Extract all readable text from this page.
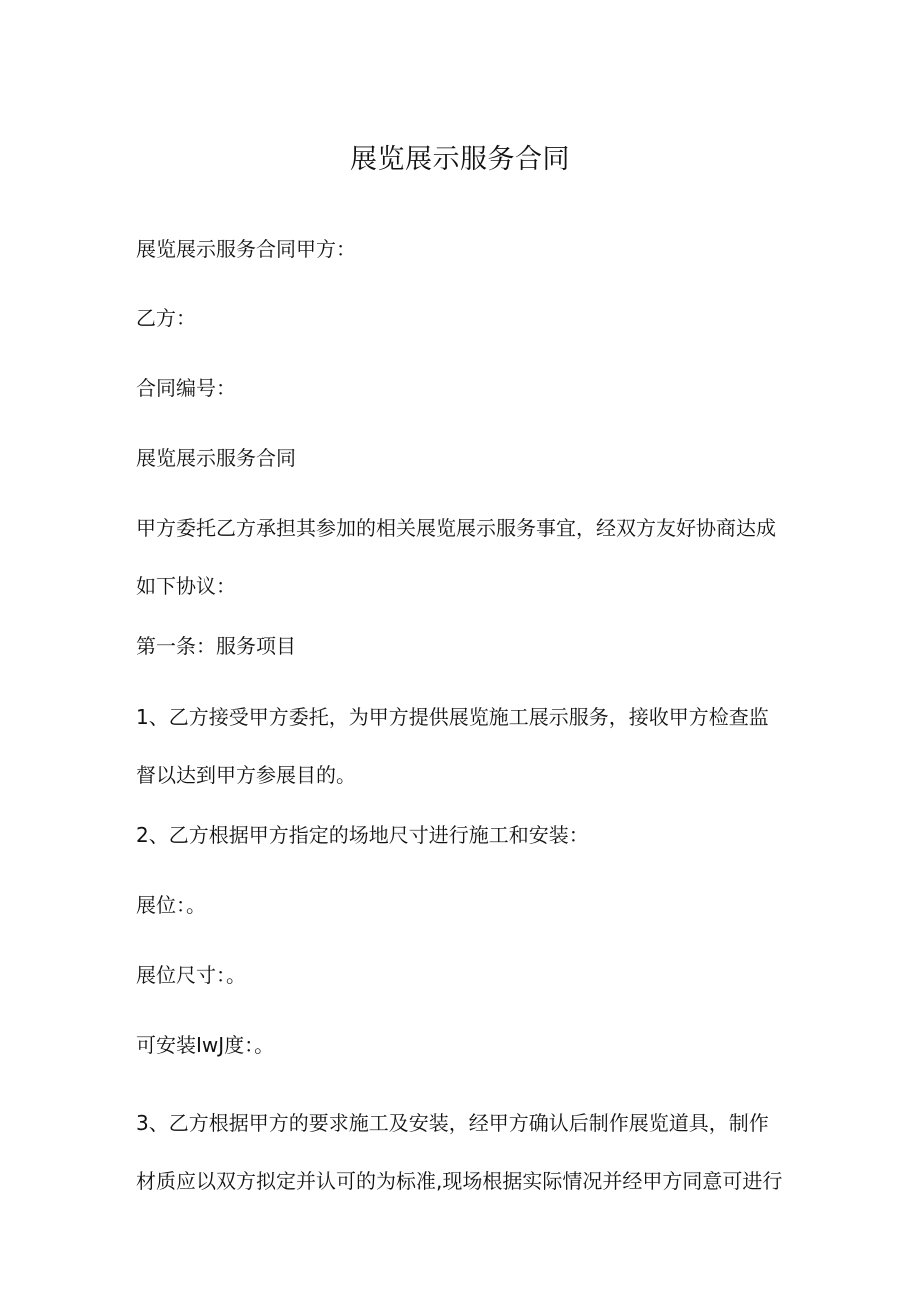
展览展示服务合同

展览展示服务合同甲方：

乙方：

合同编号：

展览展示服务合同

甲方委托乙方承担其参加的相关展览展示服务事宜，经双方友好协商达成
如下协议：

第一条：服务项目

1、乙方接受甲方委托，为甲方提供展览施工展示服务，接收甲方检查监
督以达到甲方参展目的。

2、乙方根据甲方指定的场地尺寸进行施工和安装：

展位：。

展位尺寸：。

可安装IwJ度：。

3、乙方根据甲方的要求施工及安装，经甲方确认后制作展览道具，制作
材质应以双方拟定并认可的为标准,现场根据实际情况并经甲方同意可进行
